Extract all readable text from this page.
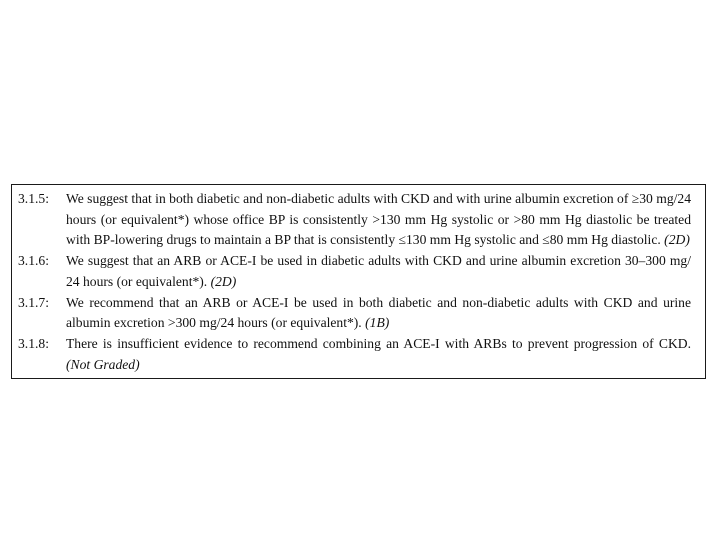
3.1.5:	We suggest that in both diabetic and non-diabetic adults with CKD and with urine albumin excretion of ≥30 mg/24 hours (or equivalent*) whose office BP is consistently >130 mm Hg systolic or >80 mm Hg diastolic be treated with BP-lowering drugs to maintain a BP that is consistently ≤130 mm Hg systolic and ≤80 mm Hg diastolic. (2D)
3.1.6:	We suggest that an ARB or ACE-I be used in diabetic adults with CKD and urine albumin excretion 30–300 mg/ 24 hours (or equivalent*). (2D)
3.1.7:	We recommend that an ARB or ACE-I be used in both diabetic and non-diabetic adults with CKD and urine albumin excretion >300 mg/24 hours (or equivalent*). (1B)
3.1.8:	There is insufficient evidence to recommend combining an ACE-I with ARBs to prevent progression of CKD. (Not Graded)
